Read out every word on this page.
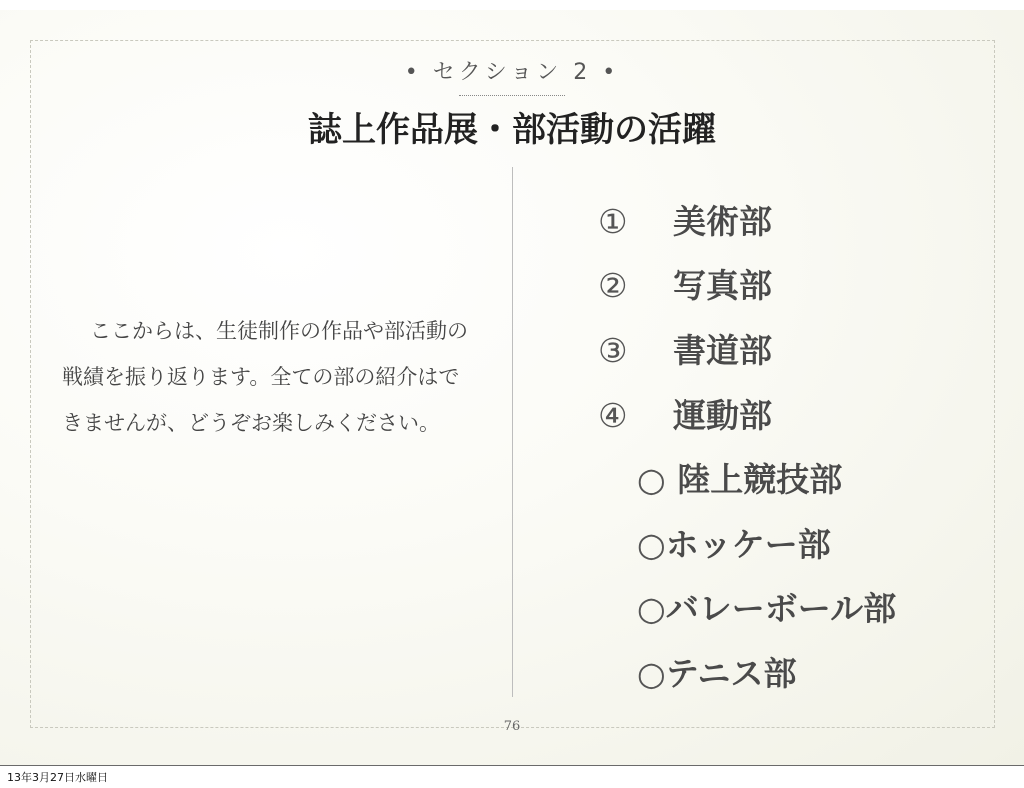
• セクション 2 •
誌上作品展・部活動の活躍

ここからは、生徒制作の作品や部活動の戦績を振り返ります。全ての部の紹介はできませんが、どうぞお楽しみください。

① 美術部
② 写真部
③ 書道部
④ 運動部
○ 陸上競技部
○ホッケー部
○バレーボール部
○テニス部
76
13年3月27日水曜日
